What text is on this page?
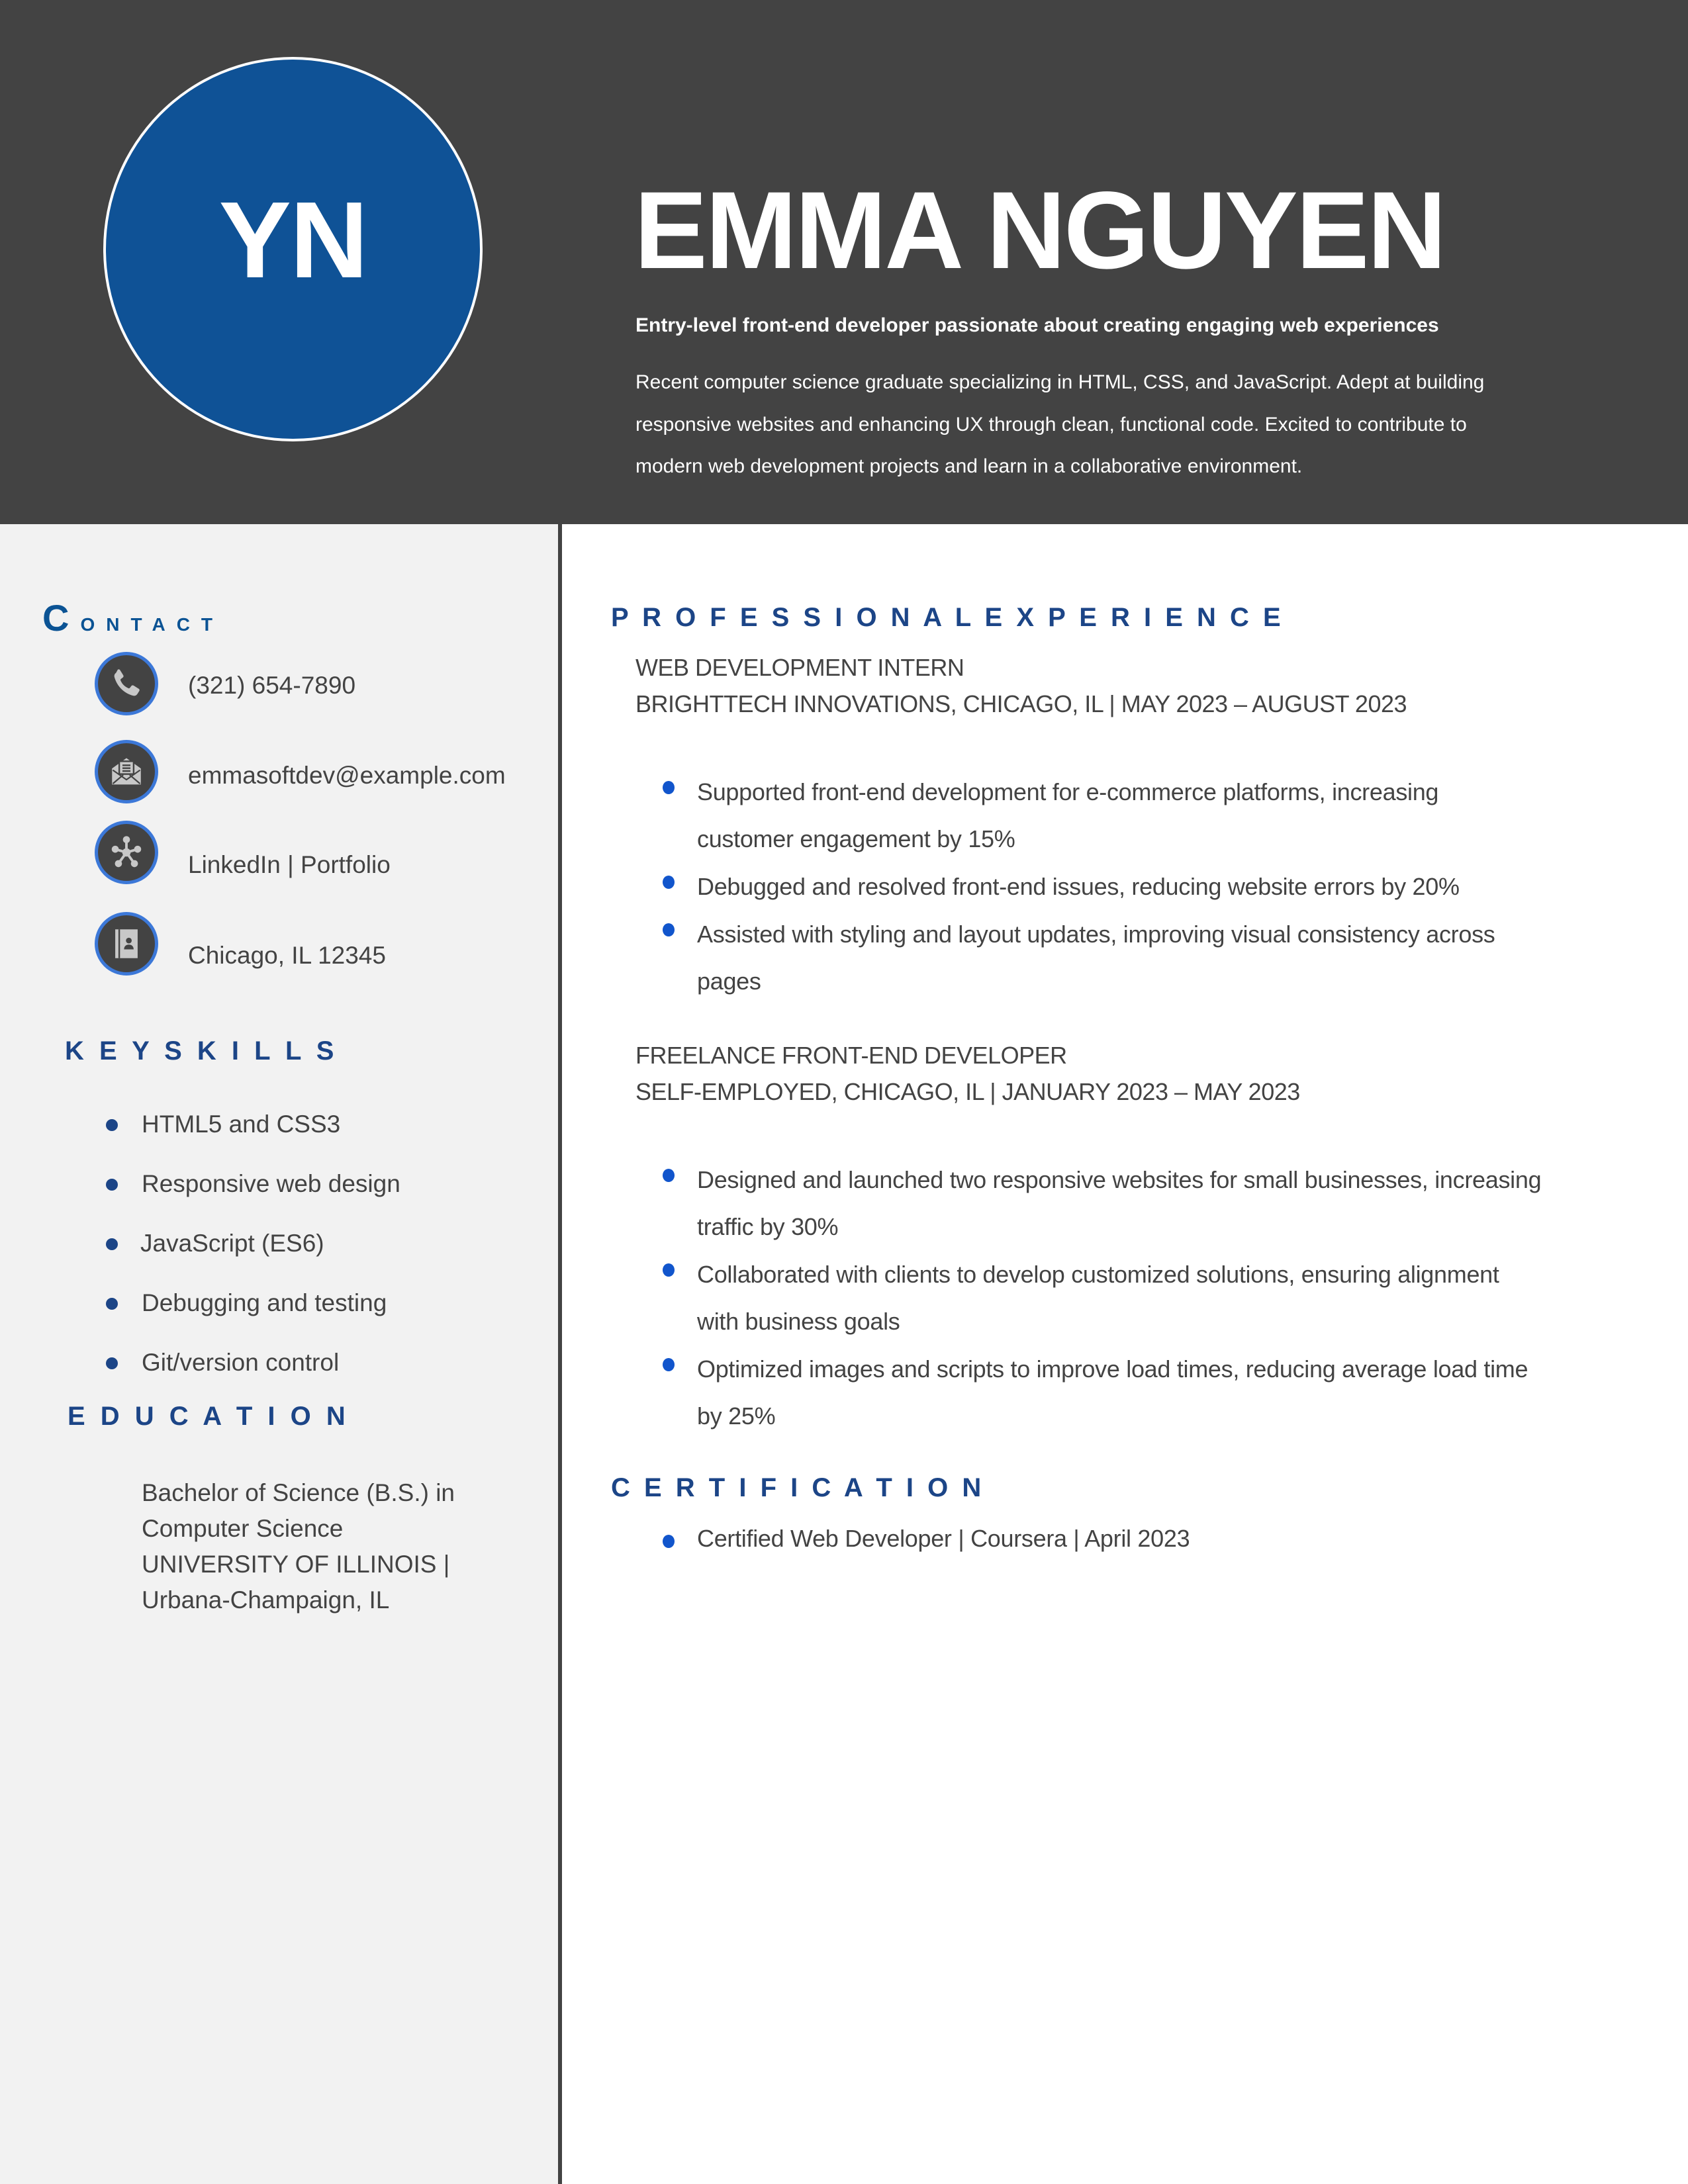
YN EMMA NGUYEN
Entry-level front-end developer passionate about creating engaging web experiences
Recent computer science graduate specializing in HTML, CSS, and JavaScript. Adept at building
responsive websites and enhancing UX through clean, functional code. Excited to contribute to
modern web development projects and learn in a collaborative environment.
Contact
(321) 654-7890
emmasoftdev@example.com
LinkedIn | Portfolio
Chicago, IL 12345
K E Y S K I L L S
HTML5 and CSS3
Responsive web design
JavaScript (ES6)
Debugging and testing
Git/version control
E D U C A T I O N
Bachelor of Science (B.S.) in
Computer Science
UNIVERSITY OF ILLINOIS |
Urbana-Champaign, IL
P R O F E S S I O N A L E X P E R I E N C E
WEB DEVELOPMENT INTERN
BRIGHTTECH INNOVATIONS, CHICAGO, IL | MAY 2023 – AUGUST 2023
Supported front-end development for e-commerce platforms, increasing
customer engagement by 15%
Debugged and resolved front-end issues, reducing website errors by 20%
Assisted with styling and layout updates, improving visual consistency across
pages
FREELANCE FRONT-END DEVELOPER
SELF-EMPLOYED, CHICAGO, IL | JANUARY 2023 – MAY 2023
Designed and launched two responsive websites for small businesses, increasing
traffic by 30%
Collaborated with clients to develop customized solutions, ensuring alignment
with business goals
Optimized images and scripts to improve load times, reducing average load time
by 25%
C E R T I F I C A T I O N
Certified Web Developer | Coursera | April 2023
